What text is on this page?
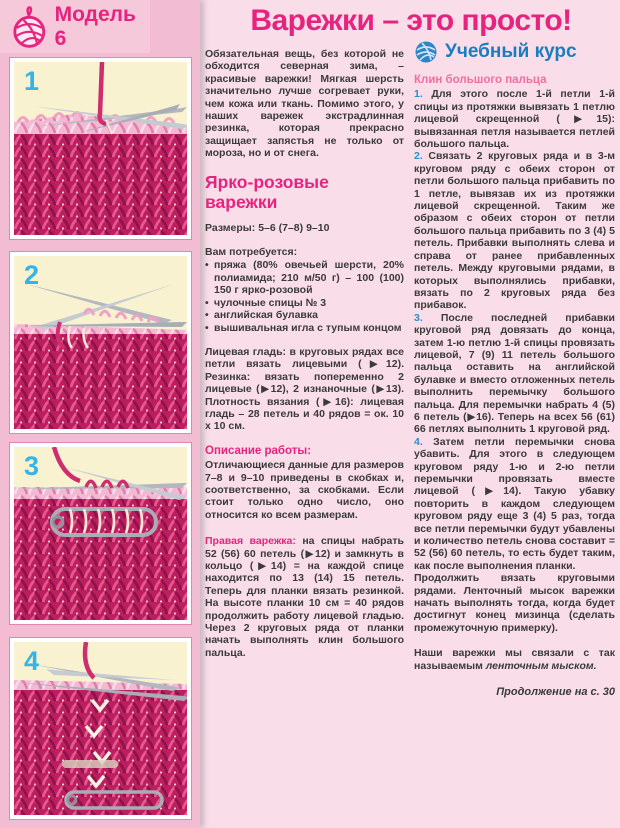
Модель 6
1
2
3
4
Варежки – это просто!

Обязательная вещь, без которой не обходится северная зима, – красивые варежки! Мягкая шерсть значительно лучше согревает руки, чем кожа или ткань. Помимо этого, у наших варежек экстрадлинная резинка, которая прекрасно защищает запястья не только от мороза, но и от снега.

Ярко-розовые варежки

Размеры: 5–6 (7–8) 9–10

Вам потребуется:

• пряжа (80% овечьей шерсти, 20% полиамида; 210 м/50 г) – 100 (100) 150 г ярко-розовой
• чулочные спицы № 3
• английская булавка
• вышивальная игла с тупым концом

Лицевая гладь: в круговых рядах все петли вязать лицевыми (▶12). Резинка: вязать попеременно 2 лицевые (▶12), 2 изнаночные (▶13). Плотность вязания (▶16): лицевая гладь – 28 петель и 40 рядов = ок. 10 x 10 см.

Описание работы:

Отличающиеся данные для размеров 7–8 и 9–10 приведены в скобках и, соответственно, за скобками. Если стоит только одно число, оно относится ко всем размерам.

Правая варежка: на спицы набрать 52 (56) 60 петель (▶12) и замкнуть в кольцо (▶14) = на каждой спице находится по 13 (14) 15 петель. Теперь для планки вязать резинкой. На высоте планки 10 см = 40 рядов продолжить работу лицевой гладью. Через 2 круговых ряда от планки начать выполнять клин большого пальца.

Учебный курс

Клин большого пальца

1. Для этого после 1-й петли 1-й спицы из протяжки вывязать 1 петлю лицевой скрещенной (▶15): вывязанная петля называется петлей большого пальца.

2. Связать 2 круговых ряда и в 3-м круговом ряду с обеих сторон от петли большого пальца прибавить по 1 петле, вывязав их из протяжки лицевой скрещенной. Таким же образом с обеих сторон от петли большого пальца прибавить по 3 (4) 5 петель. Прибавки выполнять слева и справа от ранее прибавленных петель. Между круговыми рядами, в которых выполнялись прибавки, вязать по 2 круговых ряда без прибавок.

3. После последней прибавки круговой ряд довязать до конца, затем 1-ю петлю 1-й спицы провязать лицевой, 7 (9) 11 петель большого пальца оставить на английской булавке и вместо отложенных петель выполнить перемычку большого пальца. Для перемычки набрать 4 (5) 6 петель (▶16). Теперь на всех 56 (61) 66 петлях выполнить 1 круговой ряд.

4. Затем петли перемычки снова убавить. Для этого в следующем круговом ряду 1-ю и 2-ю петли перемычки провязать вместе лицевой (▶14). Такую убавку повторить в каждом следующем круговом ряду еще 3 (4) 5 раз, тогда все петли перемычки будут убавлены и количество петель снова составит = 52 (56) 60 петель, то есть будет таким, как после выполнения планки.

Продолжить вязать круговыми рядами. Ленточный мысок варежки начать выполнять тогда, когда будет достигнут конец мизинца (сделать промежуточную примерку).

Наши варежки мы связали с так называемым ленточным мыском.

Продолжение на с. 30
